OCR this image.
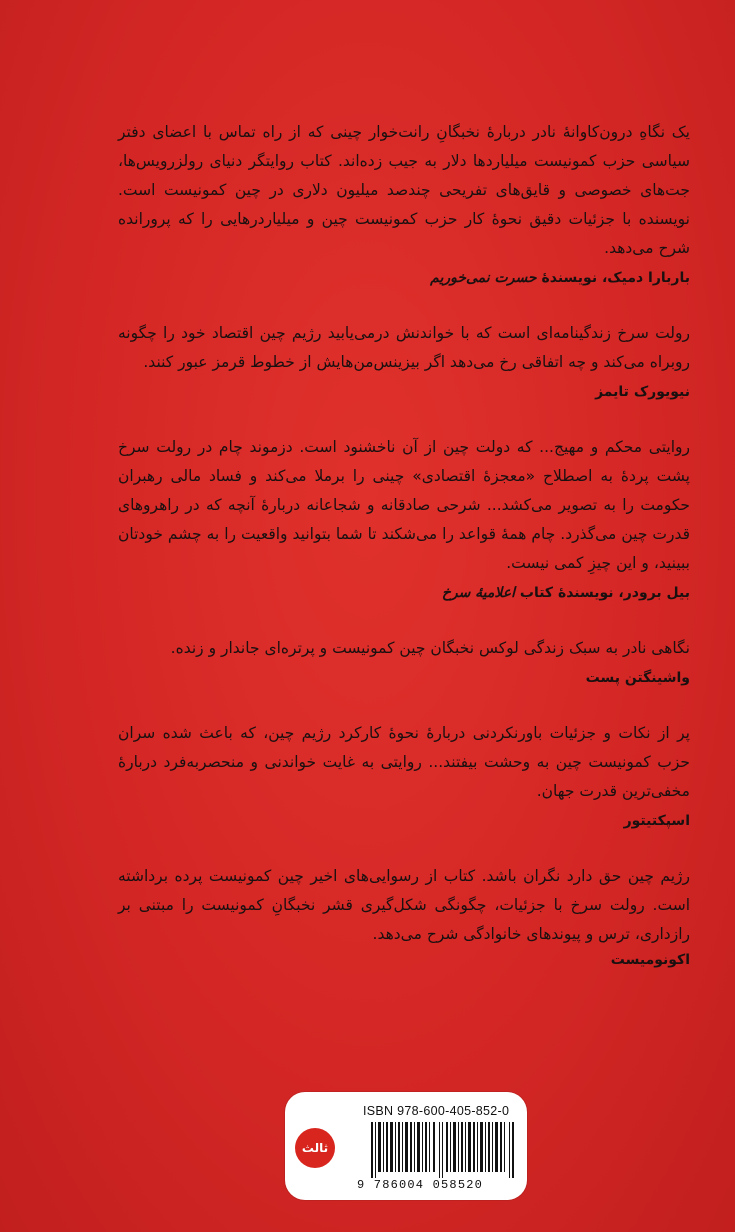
یک نگاهِ درون‌کاوانهٔ نادر دربارهٔ نخبگانِ رانت‌خوار چینی که از راه تماس با اعضای دفتر سیاسی حزب کمونیست میلیاردها دلار به جیب زده‌اند. کتاب روایتگر دنیای رولزرویس‌ها، جت‌های خصوصی و قایق‌های تفریحی چندصد میلیون دلاری در چین کمونیست است. نویسنده با جزئیات دقیق نحوهٔ کار حزب کمونیست چین و میلیاردرهایی را که پرورانده شرح می‌دهد.

باربارا دمیک، نویسندهٔ حسرت نمی‌خوریم

رولت سرخ زندگینامه‌ای است که با خواندنش درمی‌یابید رژیم چین اقتصاد خود را چگونه روبراه می‌کند و چه اتفاقی رخ می‌دهد اگر بیزینس‌من‌هایش از خطوط قرمز عبور کنند.

نیویورک تایمز

روایتی محکم و مهیج... که دولت چین از آن ناخشنود است. دزموند چام در رولت سرخ پشت پردهٔ به اصطلاح «معجزهٔ اقتصادی» چینی را برملا می‌کند و فساد مالی رهبران حکومت را به تصویر می‌کشد... شرحی صادقانه و شجاعانه دربارهٔ آنچه که در راهروهای قدرت چین می‌گذرد. چام همهٔ قواعد را می‌شکند تا شما بتوانید واقعیت را به چشم خودتان ببینید، و این چیزِ کمی نیست.

بیل برودر، نویسندهٔ کتاب اعلامیهٔ سرخ

نگاهی نادر به سبک زندگی لوکس نخبگان چین کمونیست و پرتره‌ای جاندار و زنده.

واشینگتن پست

پر از نکات و جزئیات باورنکردنی دربارهٔ نحوهٔ کارکرد رژیم چین، که باعث شده سران حزب کمونیست چین به وحشت بیفتند... روایتی به غایت خواندنی و منحصربه‌فرد دربارهٔ مخفی‌ترین قدرت جهان.

اسپکتیتور

رژیم چین حق دارد نگران باشد. کتاب از رسوایی‌های اخیر چین کمونیست پرده برداشته است. رولت سرخ با جزئیات، چگونگی شکل‌گیری قشر نخبگانِ کمونیست را مبتنی بر رازداری، ترس و پیوندهای خانوادگی شرح می‌دهد.

اکونومیست
ثالث
ISBN 978-600-405-852-0
9 786004 058520
